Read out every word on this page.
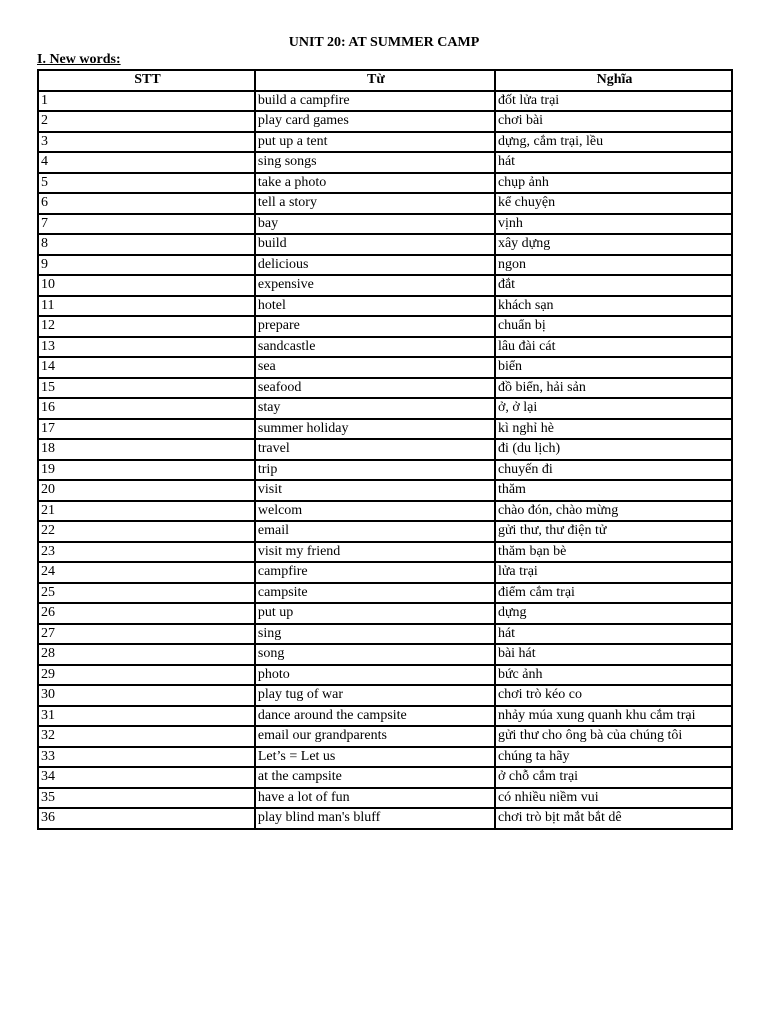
UNIT 20: AT SUMMER CAMP
I. New words:
STT	Từ	Nghĩa
1	build a campfire	đốt lửa trại
2	play card games	chơi bài
3	put up a tent	dựng, cắm trại, lều
4	sing songs	hát
5	take a photo	chụp ảnh
6	tell a story	kể chuyện
7	bay	vịnh
8	build	xây dựng
9	delicious	ngon
10	expensive	đắt
11	hotel	khách sạn
12	prepare	chuẩn bị
13	sandcastle	lâu đài cát
14	sea	biển
15	seafood	đồ biển, hải sản
16	stay	ở, ở lại
17	summer holiday	kì nghỉ hè
18	travel	đi (du lịch)
19	trip	chuyến đi
20	visit	thăm
21	welcom	chào đón, chào mừng
22	email	gửi thư, thư điện tử
23	visit my friend	thăm bạn bè
24	campfire	lửa trại
25	campsite	điểm cắm trại
26	put up	dựng
27	sing	hát
28	song	bài hát
29	photo	bức ảnh
30	play tug of war	chơi trò kéo co
31	dance around the campsite	nhảy múa xung quanh khu cắm trại
32	email our grandparents	gửi thư cho ông bà của chúng tôi
33	Let’s = Let us	chúng ta hãy
34	at the campsite	ở chỗ cắm trại
35	have a lot of fun	có nhiều niềm vui
36	play blind man's bluff	chơi trò bịt mắt bắt dê
